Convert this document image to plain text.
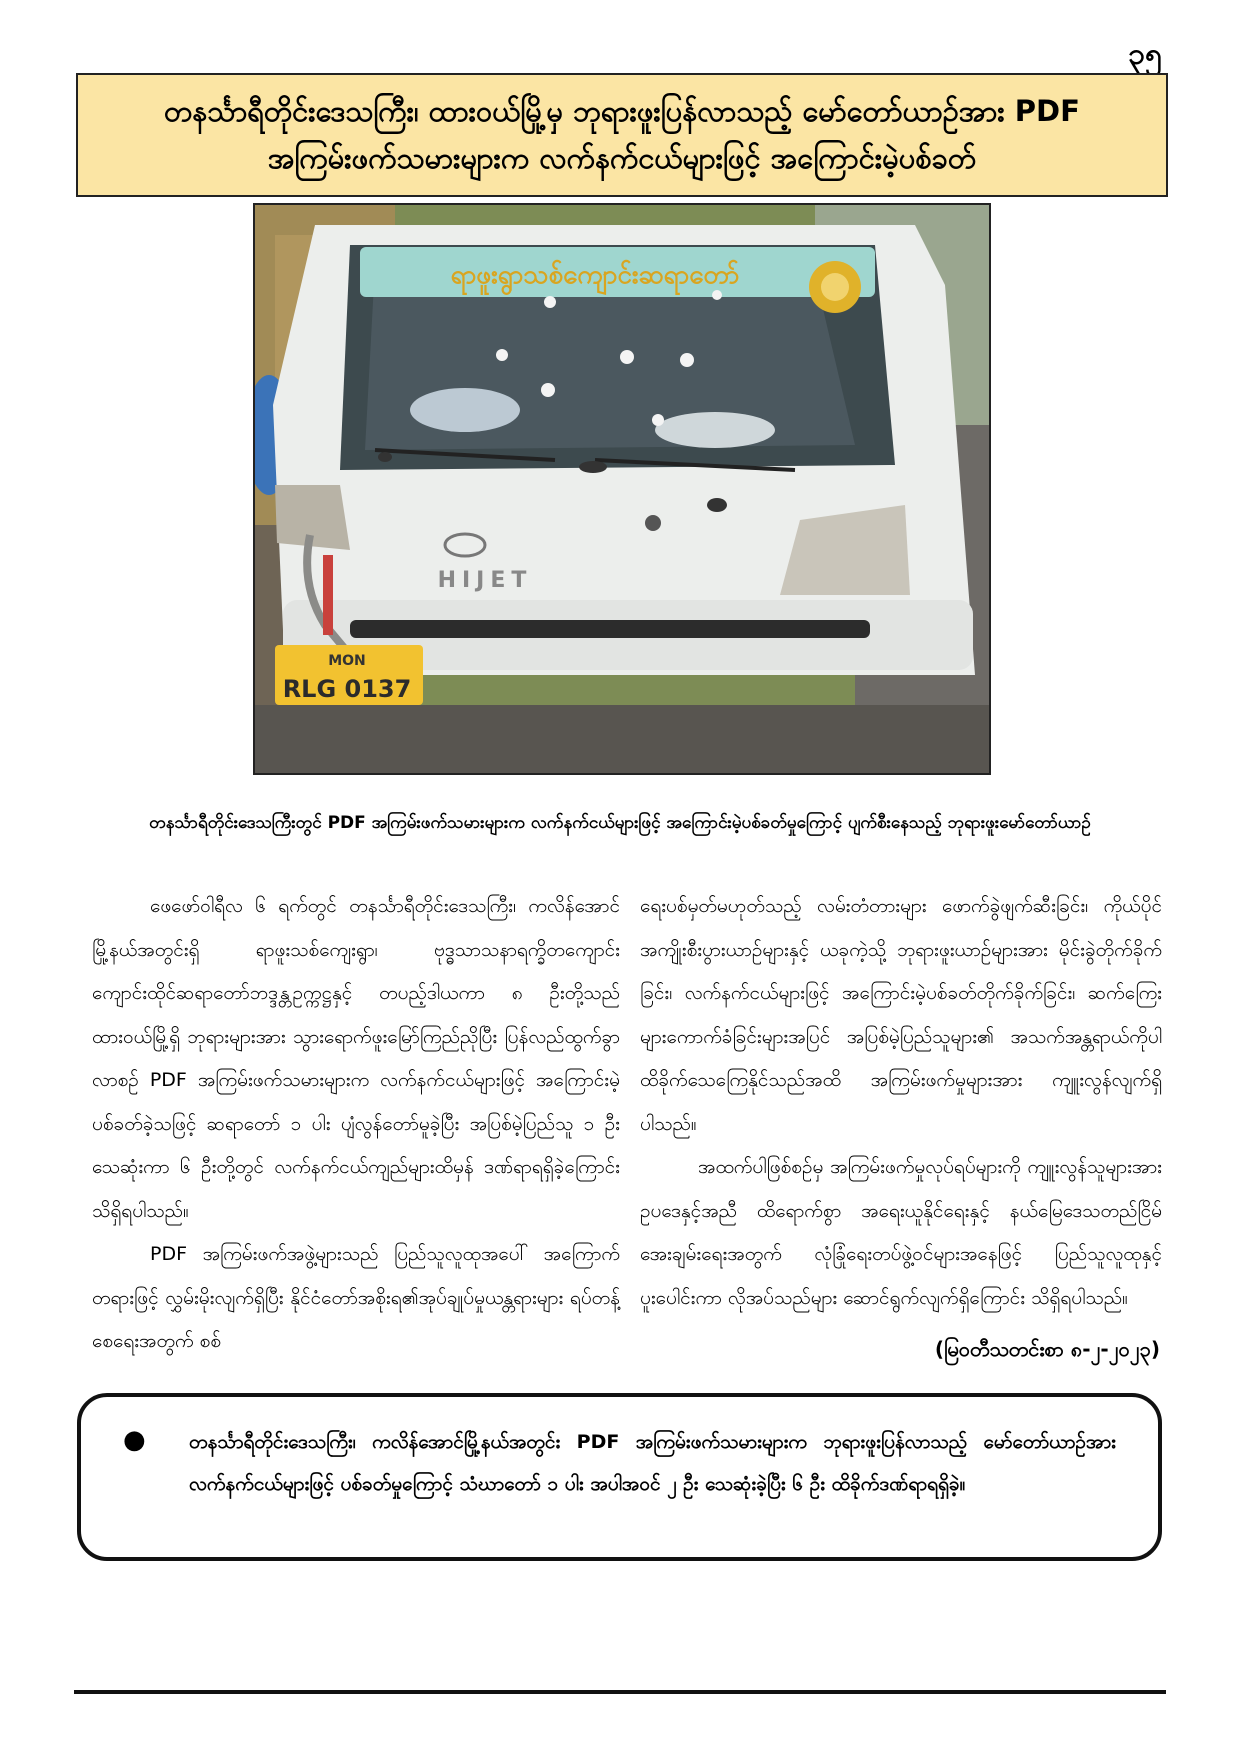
၃၅
တနင်္သာရီတိုင်းဒေသကြီး၊ ထားဝယ်မြို့မှ ဘုရားဖူးပြန်လာသည့် မော်တော်ယာဉ်အား PDF အကြမ်းဖက်သမားများက လက်နက်ငယ်များဖြင့် အကြောင်းမဲ့ပစ်ခတ်
ရာဖူးရွာသစ်ကျောင်းဆရာတော်
HIJET
MON
RLG 0137
တနင်္သာရီတိုင်းဒေသကြီးတွင် PDF အကြမ်းဖက်သမားများက လက်နက်ငယ်များဖြင့် အကြောင်းမဲ့ပစ်ခတ်မှုကြောင့် ပျက်စီးနေသည့် ဘုရားဖူးမော်တော်ယာဉ်

ဖေဖော်ဝါရီလ ၆ ရက်တွင် တနင်္သာရီတိုင်းဒေသကြီး၊ ကလိန်အောင်မြို့နယ်အတွင်းရှိ ရာဖူးသစ်ကျေးရွာ၊ ဗုဒ္ဓသာသနာရက္ခိတကျောင်း ကျောင်းထိုင်ဆရာတော်ဘဒ္ဒန္တဥက္ကဋ္ဌနှင့် တပည့်ဒါယကာ ၈ ဦးတို့သည် ထားဝယ်မြို့ရှိ ဘုရားများအား သွားရောက်ဖူးမြော်ကြည်ညိုပြီး ပြန်လည်ထွက်ခွာလာစဉ် PDF အကြမ်းဖက်သမားများက လက်နက်ငယ်များဖြင့် အကြောင်းမဲ့ပစ်ခတ်ခဲ့သဖြင့် ဆရာတော် ၁ ပါး ပျံလွန်တော်မူခဲ့ပြီး အပြစ်မဲ့ပြည်သူ ၁ ဦး သေဆုံးကာ ၆ ဦးတို့တွင် လက်နက်ငယ်ကျည်များထိမှန် ဒဏ်ရာရရှိခဲ့ကြောင်း သိရှိရပါသည်။

PDF အကြမ်းဖက်အဖွဲ့များသည် ပြည်သူလူထုအပေါ် အကြောက်တရားဖြင့် လွှမ်းမိုးလျက်ရှိပြီး နိုင်ငံတော်အစိုးရ၏အုပ်ချုပ်မှုယန္တရားများ ရပ်တန့်စေရေးအတွက် စစ်

ရေးပစ်မှတ်မဟုတ်သည့် လမ်းတံတားများ ဖောက်ခွဲဖျက်ဆီးခြင်း၊ ကိုယ်ပိုင်အကျိုးစီးပွားယာဉ်များနှင့် ယခုကဲ့သို့ ဘုရားဖူးယာဉ်များအား မိုင်းခွဲတိုက်ခိုက်ခြင်း၊ လက်နက်ငယ်များဖြင့် အကြောင်းမဲ့ပစ်ခတ်တိုက်ခိုက်ခြင်း၊ ဆက်ကြေးများကောက်ခံခြင်းများအပြင် အပြစ်မဲ့ပြည်သူများ၏ အသက်အန္တရာယ်ကိုပါ ထိခိုက်သေကြေနိုင်သည်အထိ အကြမ်းဖက်မှုများအား ကျူးလွန်လျက်ရှိပါသည်။

အထက်ပါဖြစ်စဉ်မှ အကြမ်းဖက်မှုလုပ်ရပ်များကို ကျူးလွန်သူများအား ဥပဒေနှင့်အညီ ထိရောက်စွာ အရေးယူနိုင်ရေးနှင့် နယ်မြေဒေသတည်ငြိမ်အေးချမ်းရေးအတွက် လုံခြုံရေးတပ်ဖွဲ့ဝင်များအနေဖြင့် ပြည်သူလူထုနှင့်ပူးပေါင်းကာ လိုအပ်သည်များ ဆောင်ရွက်လျက်ရှိကြောင်း သိရှိရပါသည်။

(မြဝတီသတင်းစာ ၈-၂-၂၀၂၃)
● တနင်္သာရီတိုင်းဒေသကြီး၊ ကလိန်အောင်မြို့နယ်အတွင်း PDF အကြမ်းဖက်သမားများက ဘုရားဖူးပြန်လာသည့် မော်တော်ယာဉ်အား လက်နက်ငယ်များဖြင့် ပစ်ခတ်မှုကြောင့် သံဃာတော် ၁ ပါး အပါအဝင် ၂ ဦး သေဆုံးခဲ့ပြီး ၆ ဦး ထိခိုက်ဒဏ်ရာရရှိခဲ့။
